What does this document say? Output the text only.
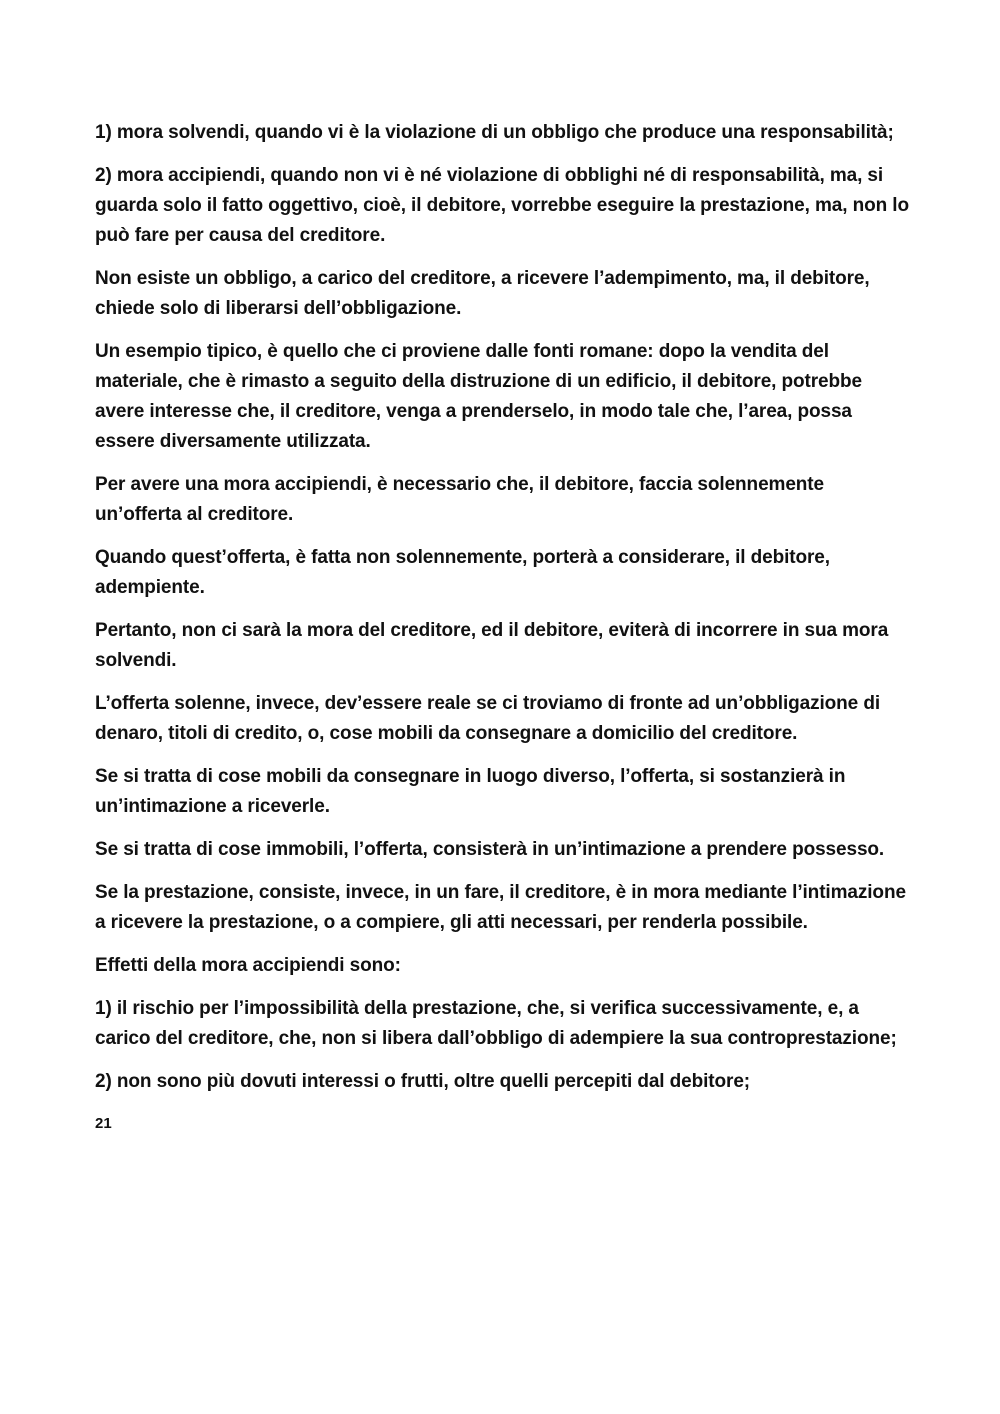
1) mora solvendi, quando vi è la violazione di un obbligo che produce una responsabilità;

2) mora accipiendi, quando non vi è né violazione di obblighi né di responsabilità, ma, si guarda solo il fatto oggettivo, cioè, il debitore, vorrebbe eseguire la prestazione, ma, non lo può fare per causa del creditore.

Non esiste un obbligo, a carico del creditore, a ricevere l’adempimento, ma, il debitore, chiede solo di liberarsi dell’obbligazione.

Un esempio tipico, è quello che ci proviene dalle fonti romane: dopo la vendita del materiale, che è rimasto a seguito della distruzione di un edificio, il debitore, potrebbe avere interesse che, il creditore, venga a prenderselo, in modo tale che, l’area, possa essere diversamente utilizzata.

Per avere una mora accipiendi, è necessario che, il debitore, faccia solennemente un’offerta al creditore.

Quando quest’offerta, è fatta non solennemente, porterà a considerare, il debitore, adempiente.

Pertanto, non ci sarà la mora del creditore, ed il debitore, eviterà di incorrere in sua mora solvendi.

L’offerta solenne, invece, dev’essere reale se ci troviamo di fronte ad un’obbligazione di denaro, titoli di credito, o, cose mobili da consegnare a domicilio del creditore.

Se si tratta di cose mobili da consegnare in luogo diverso, l’offerta, si sostanzierà in un’intimazione a riceverle.

Se si tratta di cose immobili, l’offerta, consisterà in un’intimazione a prendere possesso.

Se la prestazione, consiste, invece, in un fare, il creditore, è in mora mediante l’intimazione a ricevere la prestazione, o a compiere, gli atti necessari, per renderla possibile.

Effetti della mora accipiendi sono:

1) il rischio per l’impossibilità della prestazione, che, si verifica successivamente, e, a carico del creditore, che, non si libera dall’obbligo di adempiere la sua controprestazione;

2) non sono più dovuti interessi o frutti, oltre quelli percepiti dal debitore;

21
